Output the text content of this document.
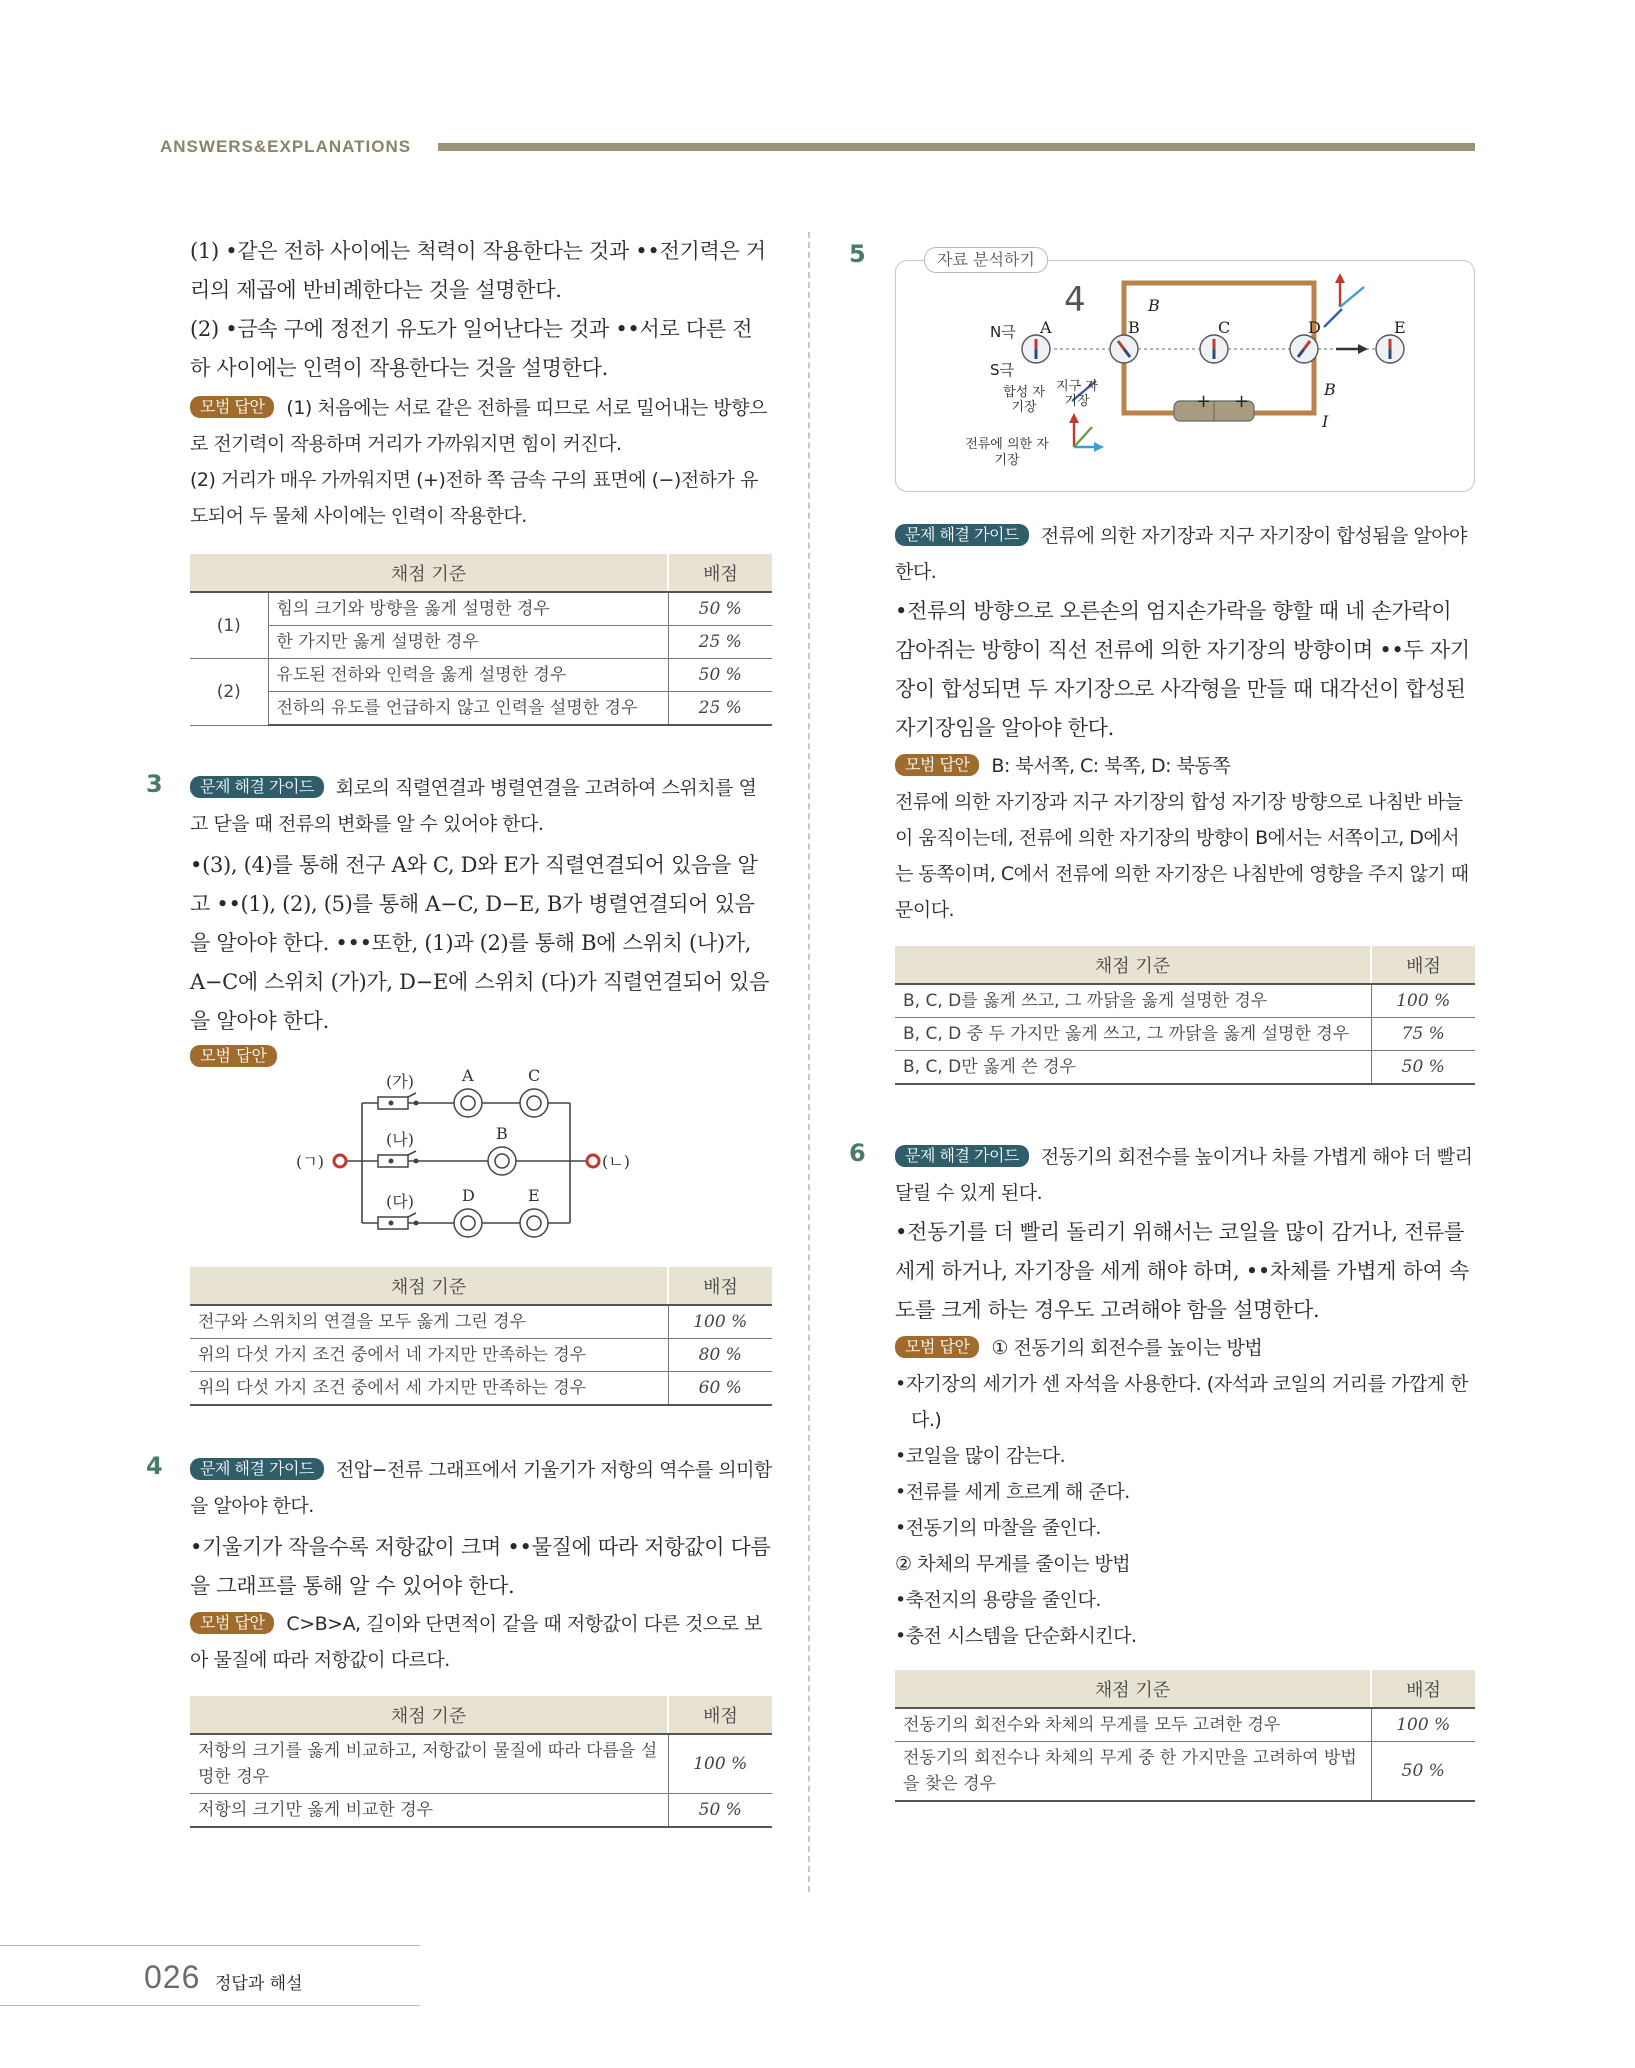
ANSWERS&EXPLANATIONS
(1) •같은 전하 사이에는 척력이 작용한다는 것과 ••전기력은 거리의 제곱에 반비례한다는 것을 설명한다.
(2) •금속 구에 정전기 유도가 일어난다는 것과 ••서로 다른 전하 사이에는 인력이 작용한다는 것을 설명한다.
모범 답안 (1) 처음에는 서로 같은 전하를 띠므로 서로 밀어내는 방향으로 전기력이 작용하며 거리가 가까워지면 힘이 커진다.
(2) 거리가 매우 가까워지면 (+)전하 쪽 금속 구의 표면에 (−)전하가 유도되어 두 물체 사이에는 인력이 작용한다.
채점 기준		배점
(1)	힘의 크기와 방향을 옳게 설명한 경우	50 %
	한 가지만 옳게 설명한 경우	25 %
(2)	유도된 전하와 인력을 옳게 설명한 경우	50 %
	전하의 유도를 언급하지 않고 인력을 설명한 경우	25 %
3	문제 해결 가이드 회로의 직렬연결과 병렬연결을 고려하여 스위치를 열고 닫을 때 전류의 변화를 알 수 있어야 한다.
•(3), (4)를 통해 전구 A와 C, D와 E가 직렬연결되어 있음을 알고 ••(1), (2), (5)를 통해 A−C, D−E, B가 병렬연결되어 있음을 알아야 한다. •••또한, (1)과 (2)를 통해 B에 스위치 (나)가, A−C에 스위치 (가)가, D−E에 스위치 (다)가 직렬연결되어 있음을 알아야 한다.
모범 답안
(가)
(나)
(다)
A	C
B
D	E
(ㄱ)	(ㄴ)
채점 기준	배점
전구와 스위치의 연결을 모두 옳게 그린 경우	100 %
위의 다섯 가지 조건 중에서 네 가지만 만족하는 경우	80 %
위의 다섯 가지 조건 중에서 세 가지만 만족하는 경우	60 %
4	문제 해결 가이드 전압−전류 그래프에서 기울기가 저항의 역수를 의미함을 알아야 한다.
•기울기가 작을수록 저항값이 크며 ••물질에 따라 저항값이 다름을 그래프를 통해 알 수 있어야 한다.
모범 답안 C>B>A, 길이와 단면적이 같을 때 저항값이 다른 것으로 보아 물질에 따라 저항값이 다르다.
채점 기준	배점
저항의 크기를 옳게 비교하고, 저항값이 물질에 따라 다름을 설명한 경우	100 %
저항의 크기만 옳게 비교한 경우	50 %
5	자료 분석하기
4
N극
S극
A	B	C	D	E
B
B
I
+ +
합성 자기장
지구 자기장
전류에 의한 자기장
문제 해결 가이드 전류에 의한 자기장과 지구 자기장이 합성됨을 알아야 한다.
•전류의 방향으로 오른손의 엄지손가락을 향할 때 네 손가락이 감아쥐는 방향이 직선 전류에 의한 자기장의 방향이며 ••두 자기장이 합성되면 두 자기장으로 사각형을 만들 때 대각선이 합성된 자기장임을 알아야 한다.
모범 답안 B: 북서쪽, C: 북쪽, D: 북동쪽
전류에 의한 자기장과 지구 자기장의 합성 자기장 방향으로 나침반 바늘이 움직이는데, 전류에 의한 자기장의 방향이 B에서는 서쪽이고, D에서는 동쪽이며, C에서 전류에 의한 자기장은 나침반에 영향을 주지 않기 때문이다.
채점 기준	배점
B, C, D를 옳게 쓰고, 그 까닭을 옳게 설명한 경우	100 %
B, C, D 중 두 가지만 옳게 쓰고, 그 까닭을 옳게 설명한 경우	75 %
B, C, D만 옳게 쓴 경우	50 %
6	문제 해결 가이드 전동기의 회전수를 높이거나 차를 가볍게 해야 더 빨리 달릴 수 있게 된다.
•전동기를 더 빨리 돌리기 위해서는 코일을 많이 감거나, 전류를 세게 하거나, 자기장을 세게 해야 하며, ••차체를 가볍게 하여 속도를 크게 하는 경우도 고려해야 함을 설명한다.
모범 답안 ① 전동기의 회전수를 높이는 방법
•자기장의 세기가 센 자석을 사용한다. (자석과 코일의 거리를 가깝게 한다.)
•코일을 많이 감는다.
•전류를 세게 흐르게 해 준다.
•전동기의 마찰을 줄인다.
② 차체의 무게를 줄이는 방법
•축전지의 용량을 줄인다.
•충전 시스템을 단순화시킨다.
채점 기준	배점
전동기의 회전수와 차체의 무게를 모두 고려한 경우	100 %
전동기의 회전수나 차체의 무게 중 한 가지만을 고려하여 방법을 찾은 경우	50 %
026 정답과 해설
